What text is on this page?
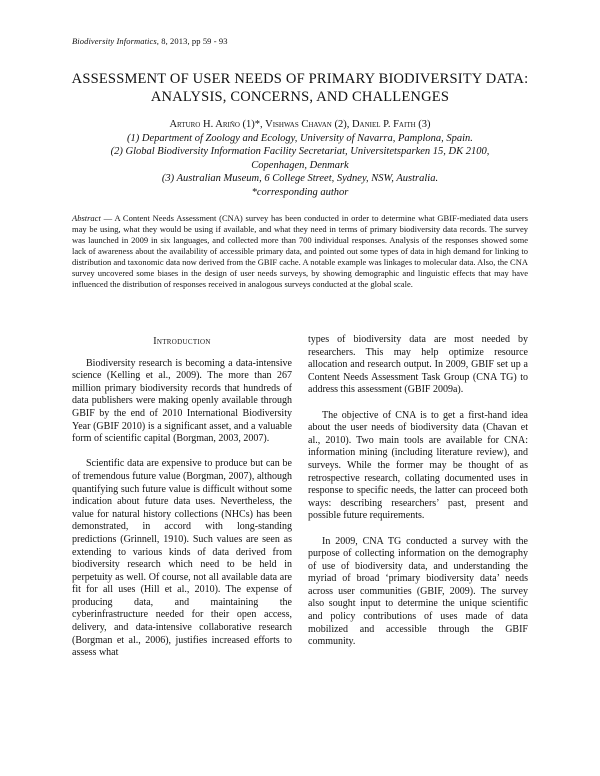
Biodiversity Informatics, 8, 2013, pp 59 - 93
ASSESSMENT OF USER NEEDS OF PRIMARY BIODIVERSITY DATA:
ANALYSIS, CONCERNS, AND CHALLENGES
Arturo H. Ariño (1)*, Vishwas Chavan (2), Daniel P. Faith (3)
(1) Department of Zoology and Ecology, University of Navarra, Pamplona, Spain.
(2) Global Biodiversity Information Facility Secretariat, Universitetsparken 15, DK 2100,
Copenhagen, Denmark
(3) Australian Museum, 6 College Street, Sydney, NSW, Australia.
*corresponding author
Abstract — A Content Needs Assessment (CNA) survey has been conducted in order to determine what GBIF-mediated data users may be using, what they would be using if available, and what they need in terms of primary biodiversity data records. The survey was launched in 2009 in six languages, and collected more than 700 individual responses. Analysis of the responses showed some lack of awareness about the availability of accessible primary data, and pointed out some types of data in high demand for linking to distribution and taxonomic data now derived from the GBIF cache. A notable example was linkages to molecular data. Also, the CNA survey uncovered some biases in the design of user needs surveys, by showing demographic and linguistic effects that may have influenced the distribution of responses received in analogous surveys conducted at the global scale.
Introduction

Biodiversity research is becoming a data-intensive science (Kelling et al., 2009). The more than 267 million primary biodiversity records that hundreds of data publishers were making openly available through GBIF by the end of 2010 International Biodiversity Year (GBIF 2010) is a significant asset, and a valuable form of scientific capital (Borgman, 2003, 2007).

Scientific data are expensive to produce but can be of tremendous future value (Borgman, 2007), although quantifying such future value is difficult without some indication about future data uses. Nevertheless, the value for natural history collections (NHCs) has been demonstrated, in accord with long-standing predictions (Grinnell, 1910). Such values are seen as extending to various kinds of data derived from biodiversity research which need to be held in perpetuity as well. Of course, not all available data are fit for all uses (Hill et al., 2010). The expense of producing data, and maintaining the cyberinfrastructure needed for their open access, delivery, and data-intensive collaborative research (Borgman et al., 2006), justifies increased efforts to assess what

types of biodiversity data are most needed by researchers. This may help optimize resource allocation and research output. In 2009, GBIF set up a Content Needs Assessment Task Group (CNA TG) to address this assessment (GBIF 2009a).

The objective of CNA is to get a first-hand idea about the user needs of biodiversity data (Chavan et al., 2010). Two main tools are available for CNA: information mining (including literature review), and surveys. While the former may be thought of as retrospective research, collating documented uses in response to specific needs, the latter can proceed both ways: describing researchers’ past, present and possible future requirements.

In 2009, CNA TG conducted a survey with the purpose of collecting information on the demography of use of biodiversity data, and understanding the myriad of broad ‘primary biodiversity data’ needs across user communities (GBIF, 2009). The survey also sought input to determine the unique scientific and policy contributions of uses made of data mobilized and accessible through the GBIF community.
